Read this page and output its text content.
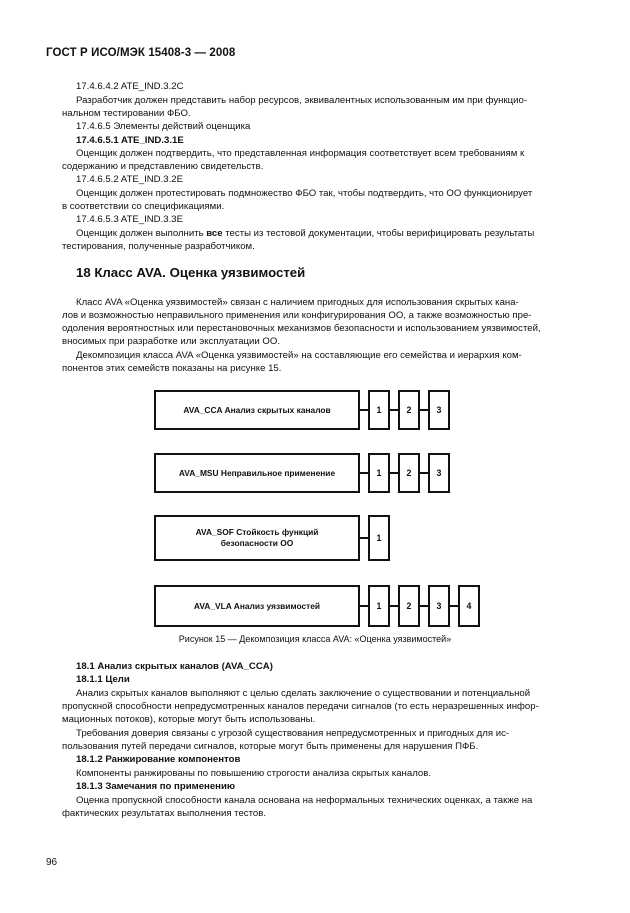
ГОСТ Р ИСО/МЭК 15408-3 — 2008
17.4.6.4.2 ATE_IND.3.2C
Разработчик должен представить набор ресурсов, эквивалентных использованным им при функцио-
нальном тестировании ФБО.
17.4.6.5 Элементы действий оценщика
17.4.6.5.1 ATE_IND.3.1E
Оценщик должен подтвердить, что представленная информация соответствует всем требованиям к
содержанию и представлению свидетельств.
17.4.6.5.2 ATE_IND.3.2E
Оценщик должен протестировать подмножество ФБО так, чтобы подтвердить, что ОО функционирует
в соответствии со спецификациями.
17.4.6.5.3 ATE_IND.3.3E
Оценщик должен выполнить все тесты из тестовой документации, чтобы верифицировать результаты
тестирования, полученные разработчиком.
18 Класс AVA. Оценка уязвимостей
Класс AVA «Оценка уязвимостей» связан с наличием пригодных для использования скрытых кана-
лов и возможностью неправильного применения или конфигурирования ОО, а также возможностью пре-
одоления вероятностных или перестановочных механизмов безопасности и использованием уязвимостей,
вносимых при разработке или эксплуатации ОО.
Декомпозиция класса AVA «Оценка уязвимостей» на составляющие его семейства и иерархия ком-
понентов этих семейств показаны на рисунке 15.
AVA_CCA Анализ скрытых каналов	1	2	3
AVA_MSU Неправильное применение	1	2	3
AVA_SOF Стойкость функций
безопасности ОО	1
AVA_VLA Анализ уязвимостей	1	2	3	4
Рисунок 15 — Декомпозиция класса AVA: «Оценка уязвимостей»
18.1 Анализ скрытых каналов (AVA_CCA)
18.1.1 Цели
Анализ скрытых каналов выполняют с целью сделать заключение о существовании и потенциальной
пропускной способности непредусмотренных каналов передачи сигналов (то есть неразрешенных инфор-
мационных потоков), которые могут быть использованы.
Требования доверия связаны с угрозой существования непредусмотренных и пригодных для ис-
пользования путей передачи сигналов, которые могут быть применены для нарушения ПФБ.
18.1.2 Ранжирование компонентов
Компоненты ранжированы по повышению строгости анализа скрытых каналов.
18.1.3 Замечания по применению
Оценка пропускной способности канала основана на неформальных технических оценках, а также на
фактических результатах выполнения тестов.
96
